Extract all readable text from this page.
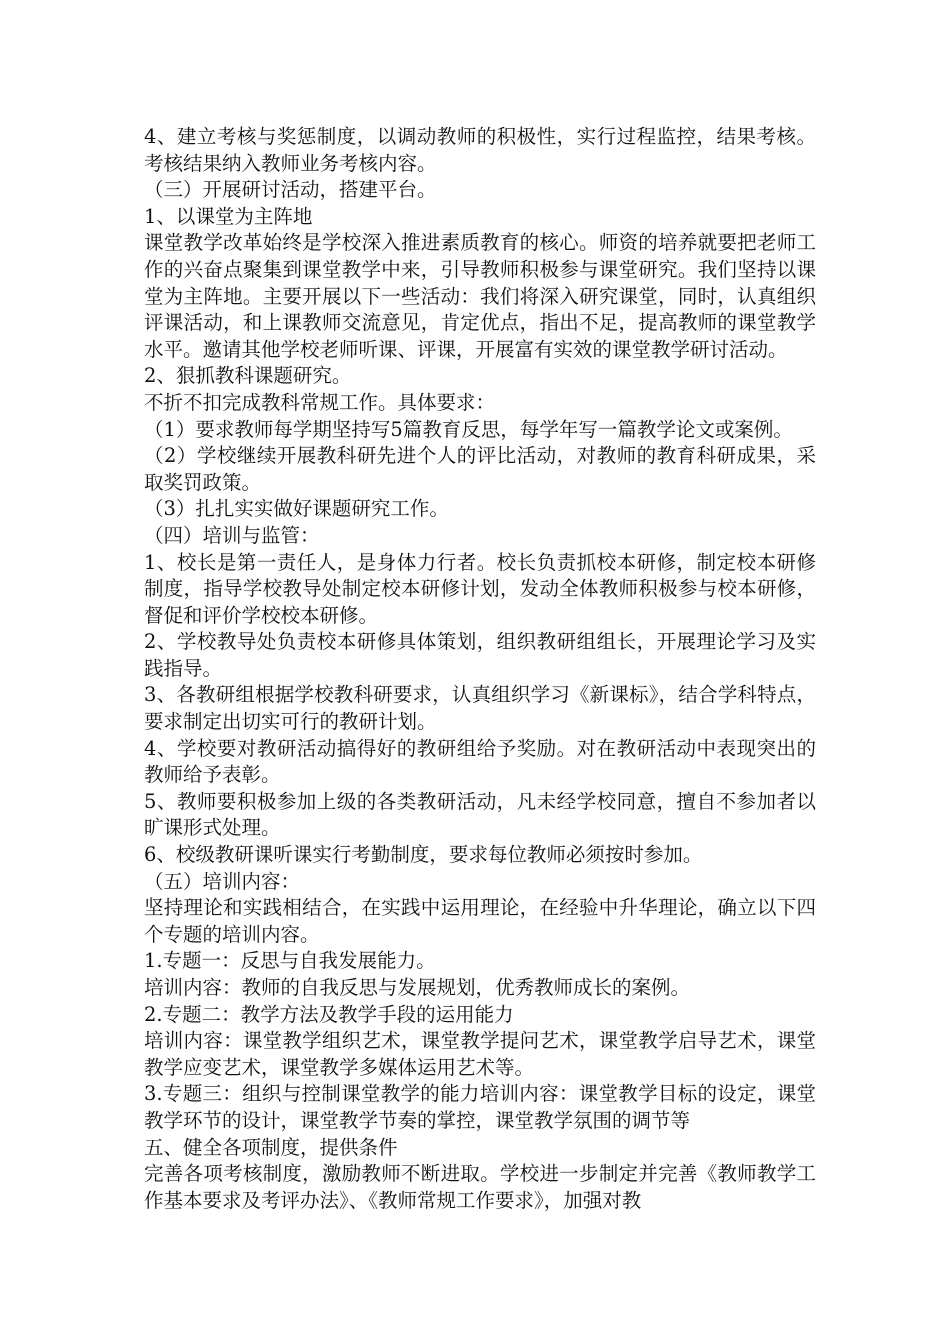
4、建立考核与奖惩制度，以调动教师的积极性，实行过程监控，结果考核。考核结果纳入教师业务考核内容。

（三）开展研讨活动，搭建平台。

1、以课堂为主阵地

课堂教学改革始终是学校深入推进素质教育的核心。师资的培养就要把老师工作的兴奋点聚集到课堂教学中来，引导教师积极参与课堂研究。我们坚持以课堂为主阵地。主要开展以下一些活动：我们将深入研究课堂，同时，认真组织评课活动，和上课教师交流意见，肯定优点，指出不足，提高教师的课堂教学水平。邀请其他学校老师听课、评课，开展富有实效的课堂教学研讨活动。

2、狠抓教科课题研究。

不折不扣完成教科常规工作。具体要求：

（1）要求教师每学期坚持写5篇教育反思，每学年写一篇教学论文或案例。

（2）学校继续开展教科研先进个人的评比活动，对教师的教育科研成果，采取奖罚政策。

（3）扎扎实实做好课题研究工作。

（四）培训与监管：

1、校长是第一责任人，是身体力行者。校长负责抓校本研修，制定校本研修制度，指导学校教导处制定校本研修计划，发动全体教师积极参与校本研修，督促和评价学校校本研修。

2、学校教导处负责校本研修具体策划，组织教研组组长，开展理论学习及实践指导。

3、各教研组根据学校教科研要求，认真组织学习《新课标》，结合学科特点，要求制定出切实可行的教研计划。

4、学校要对教研活动搞得好的教研组给予奖励。对在教研活动中表现突出的教师给予表彰。

5、教师要积极参加上级的各类教研活动，凡未经学校同意，擅自不参加者以旷课形式处理。

6、校级教研课听课实行考勤制度，要求每位教师必须按时参加。

（五）培训内容：

坚持理论和实践相结合，在实践中运用理论，在经验中升华理论，确立以下四个专题的培训内容。

1.专题一：反思与自我发展能力。

培训内容：教师的自我反思与发展规划，优秀教师成长的案例。

2.专题二：教学方法及教学手段的运用能力

培训内容：课堂教学组织艺术，课堂教学提问艺术，课堂教学启导艺术，课堂教学应变艺术，课堂教学多媒体运用艺术等。

3.专题三：组织与控制课堂教学的能力培训内容：课堂教学目标的设定，课堂教学环节的设计，课堂教学节奏的掌控，课堂教学氛围的调节等

五、健全各项制度，提供条件

完善各项考核制度，激励教师不断进取。学校进一步制定并完善《教师教学工作基本要求及考评办法》、《教师常规工作要求》，加强对教
